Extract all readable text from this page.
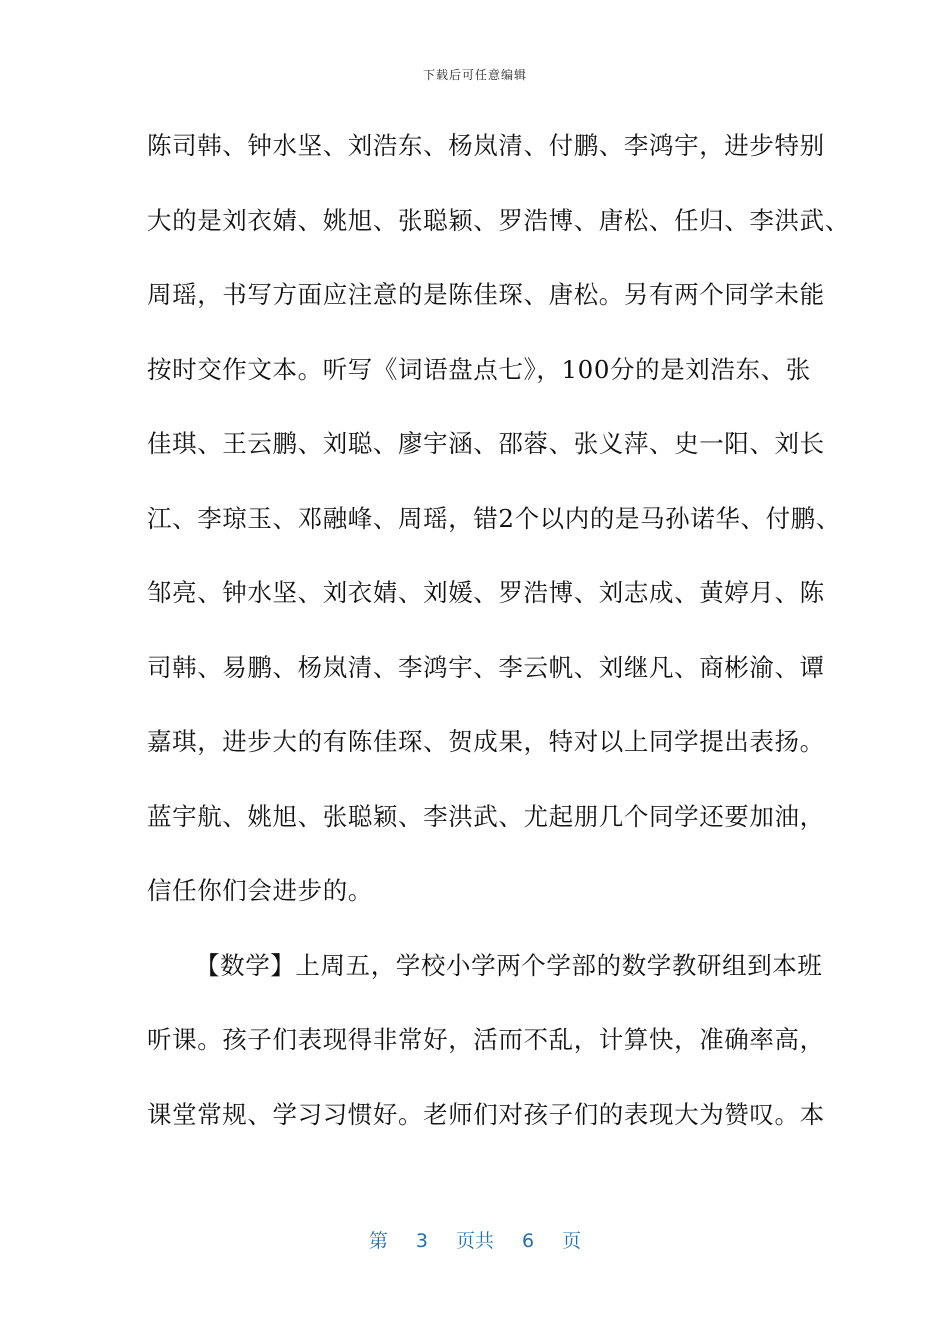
下载后可任意编辑
陈司韩、钟水坚、刘浩东、杨岚清、付鹏、李鸿宇，进步特别
大的是刘衣婧、姚旭、张聪颖、罗浩博、唐松、任归、李洪武、
周瑶，书写方面应注意的是陈佳琛、唐松。另有两个同学未能
按时交作文本。听写《词语盘点七》，100分的是刘浩东、张
佳琪、王云鹏、刘聪、廖宇涵、邵蓉、张义萍、史一阳、刘长
江、李琼玉、邓融峰、周瑶，错2个以内的是马孙诺华、付鹏、
邹亮、钟水坚、刘衣婧、刘媛、罗浩博、刘志成、黄婷月、陈
司韩、易鹏、杨岚清、李鸿宇、李云帆、刘继凡、商彬渝、谭
嘉琪，进步大的有陈佳琛、贺成果，特对以上同学提出表扬。
蓝宇航、姚旭、张聪颖、李洪武、尤起朋几个同学还要加油，
信任你们会进步的。
【数学】上周五，学校小学两个学部的数学教研组到本班
听课。孩子们表现得非常好，活而不乱，计算快，准确率高，
课堂常规、学习习惯好。老师们对孩子们的表现大为赞叹。本
第 3 页共 6 页
